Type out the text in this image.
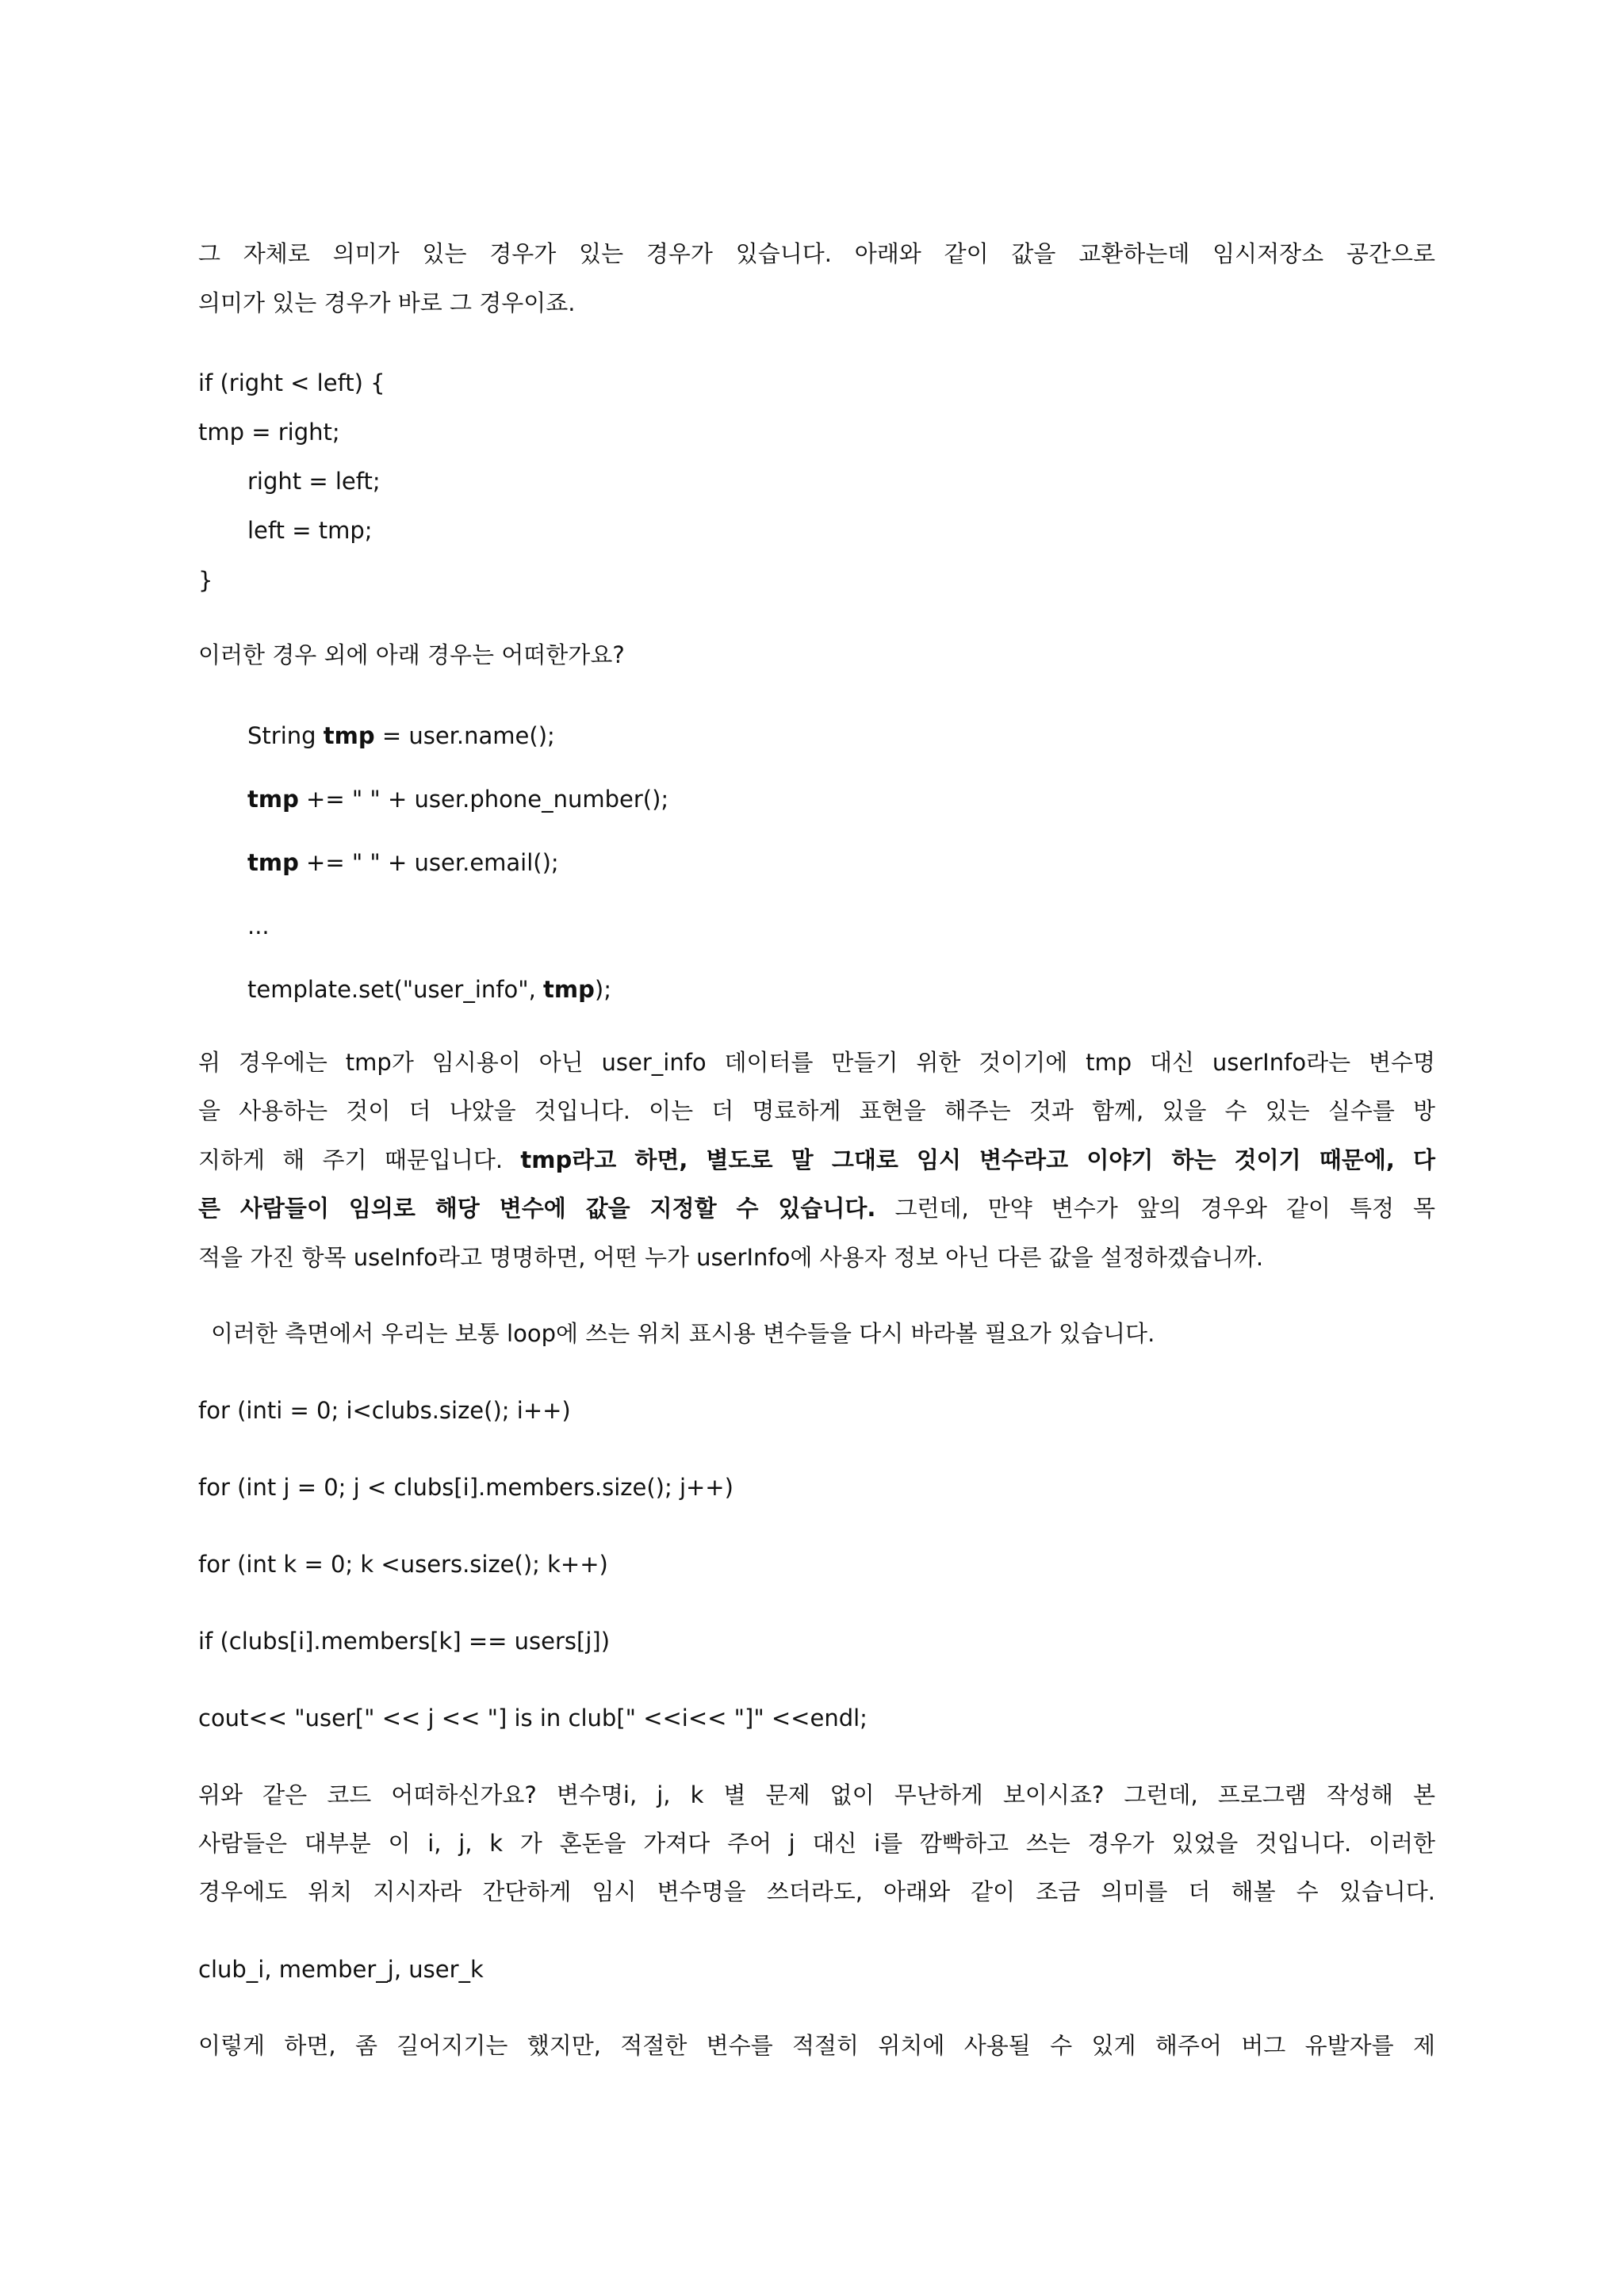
그 자체로 의미가 있는 경우가 있는 경우가 있습니다. 아래와 같이 값을 교환하는데 임시저장소 공간으로
의미가 있는 경우가 바로 그 경우이죠.
if (right < left) {
tmp = right;
right = left;
left = tmp;
}
이러한 경우 외에 아래 경우는 어떠한가요?
String tmp = user.name();
tmp += " " + user.phone_number();
tmp += " " + user.email();
...
template.set("user_info", tmp);
위 경우에는 tmp가 임시용이 아닌 user_info 데이터를 만들기 위한 것이기에 tmp 대신 userInfo라는 변수명
을 사용하는 것이 더 나았을 것입니다. 이는 더 명료하게 표현을 해주는 것과 함께, 있을 수 있는 실수를 방
지하게 해 주기 때문입니다. tmp라고 하면, 별도로 말 그대로 임시 변수라고 이야기 하는 것이기 때문에, 다
른 사람들이 임의로 해당 변수에 값을 지정할 수 있습니다. 그런데, 만약 변수가 앞의 경우와 같이 특정 목
적을 가진 항목 useInfo라고 명명하면, 어떤 누가 userInfo에 사용자 정보 아닌 다른 값을 설정하겠습니까.
이러한 측면에서 우리는 보통 loop에 쓰는 위치 표시용 변수들을 다시 바라볼 필요가 있습니다.
for (inti = 0; i<clubs.size(); i++)
for (int j = 0; j < clubs[i].members.size(); j++)
for (int k = 0; k <users.size(); k++)
if (clubs[i].members[k] == users[j])
cout<< "user[" << j << "] is in club[" <<i<< "]" <<endl;
위와 같은 코드 어떠하신가요? 변수명i, j, k 별 문제 없이 무난하게 보이시죠? 그런데, 프로그램 작성해 본
사람들은 대부분 이 i, j, k 가 혼돈을 가져다 주어 j 대신 i를 깜빡하고 쓰는 경우가 있었을 것입니다. 이러한
경우에도 위치 지시자라 간단하게 임시 변수명을 쓰더라도, 아래와 같이 조금 의미를 더 해볼 수 있습니다.
club_i, member_j, user_k
이렇게 하면, 좀 길어지기는 했지만, 적절한 변수를 적절히 위치에 사용될 수 있게 해주어 버그 유발자를 제
